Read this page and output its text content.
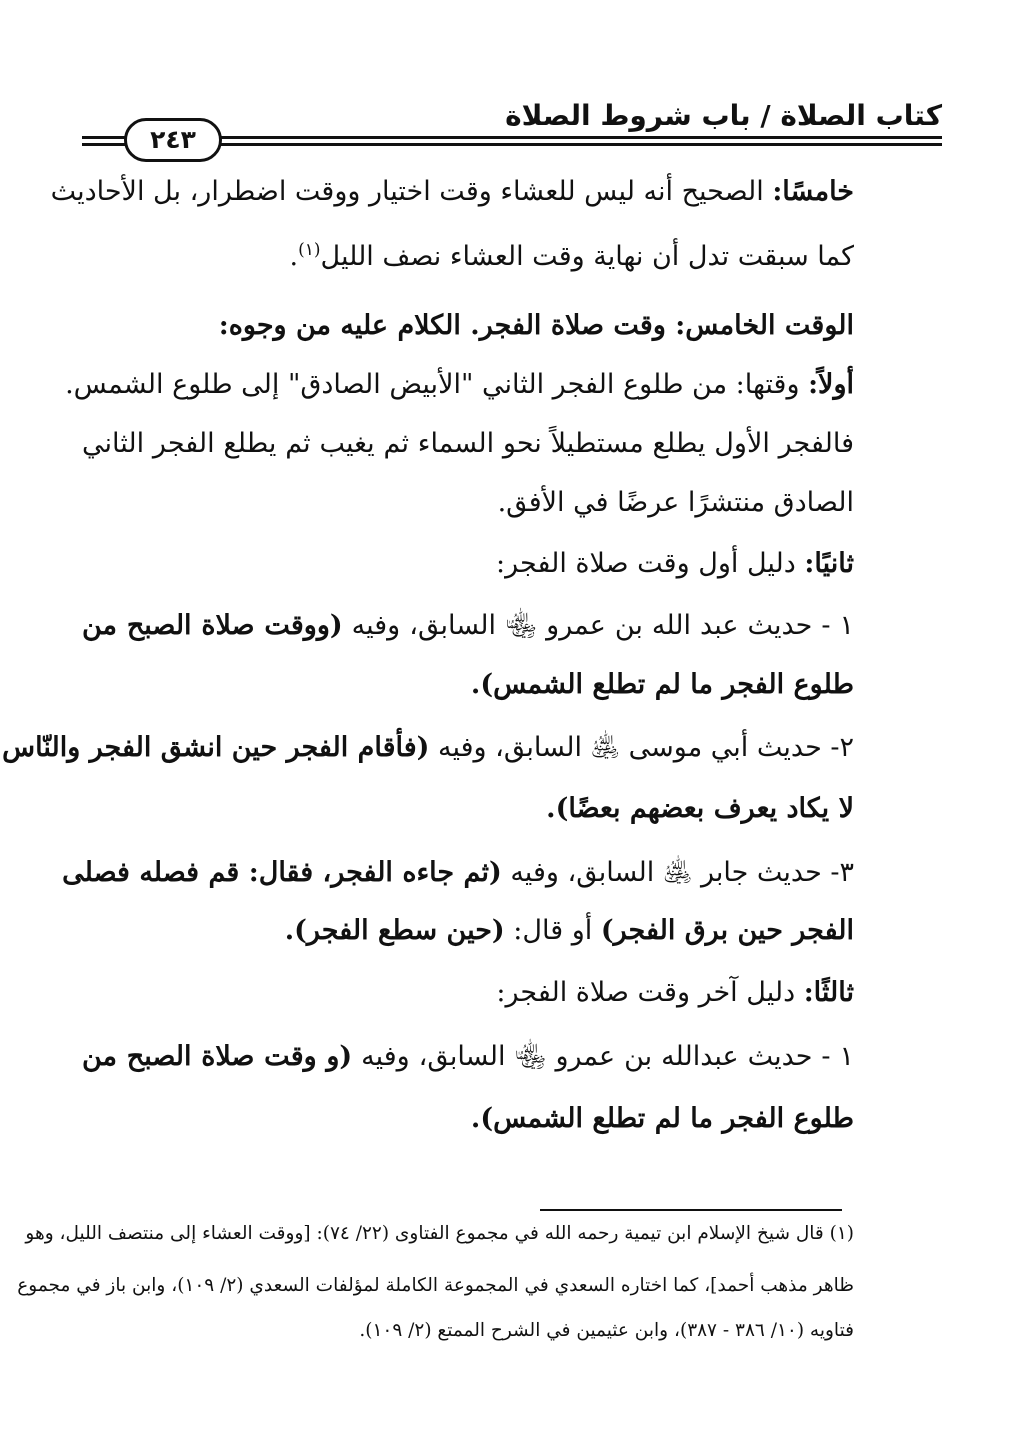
كتاب الصلاة / باب شروط الصلاة
٢٤٣
خامسًا: الصحيح أنه ليس للعشاء وقت اختيار ووقت اضطرار، بل الأحاديث
كما سبقت تدل أن نهاية وقت العشاء نصف الليل$^{(١)}$.
الوقت الخامس: وقت صلاة الفجر. الكلام عليه من وجوه:
أولاً: وقتها: من طلوع الفجر الثاني "الأبيض الصادق" إلى طلوع الشمس.
فالفجر الأول يطلع مستطيلاً نحو السماء ثم يغيب ثم يطلع الفجر الثاني
الصادق منتشرًا عرضًا في الأفق.
ثانيًا: دليل أول وقت صلاة الفجر:
١ - حديث عبد الله بن عمرو ﵄ السابق، وفيه (ووقت صلاة الصبح من
طلوع الفجر ما لم تطلع الشمس).
٢- حديث أبي موسى ﵁ السابق، وفيه (فأقام الفجر حين انشق الفجر والنّاس
لا يكاد يعرف بعضهم بعضًا).
٣- حديث جابر ﵁ السابق، وفيه (ثم جاءه الفجر، فقال: قم فصله فصلى
الفجر حين برق الفجر) أو قال: (حين سطع الفجر).
ثالثًا: دليل آخر وقت صلاة الفجر:
١ - حديث عبدالله بن عمرو ﵄ السابق، وفيه (و وقت صلاة الصبح من
طلوع الفجر ما لم تطلع الشمس).
(١) قال شيخ الإسلام ابن تيمية رحمه الله في مجموع الفتاوى (٢٢/ ٧٤): [ووقت العشاء إلى منتصف الليل، وهو
ظاهر مذهب أحمد]، كما اختاره السعدي في المجموعة الكاملة لمؤلفات السعدي (٢/ ١٠٩)، وابن باز في مجموع
فتاويه (١٠/ ٣٨٦ - ٣٨٧)، وابن عثيمين في الشرح الممتع (٢/ ١٠٩).
